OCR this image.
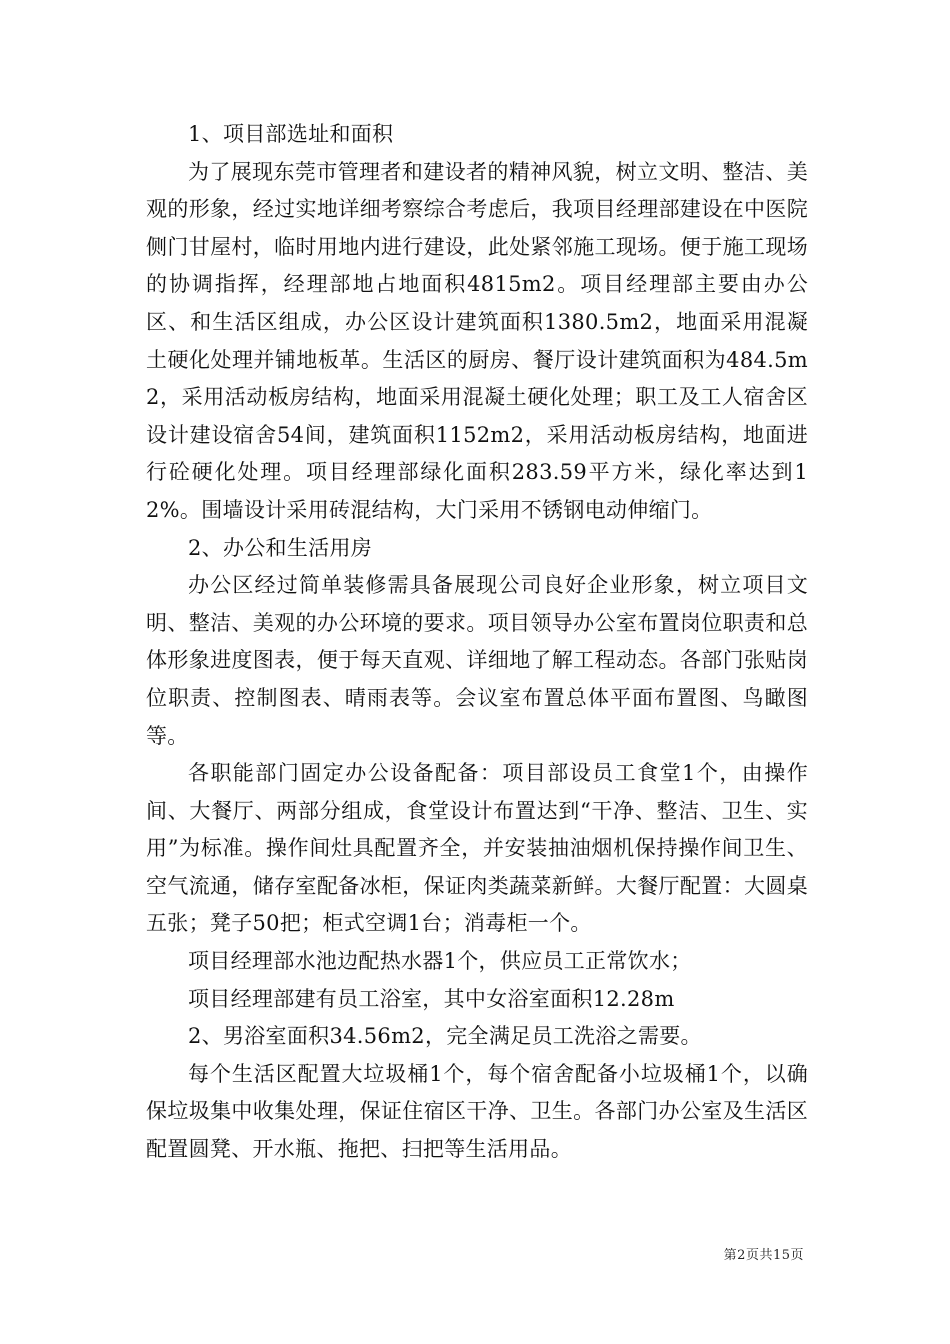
1、项目部选址和面积

为了展现东莞市管理者和建设者的精神风貌，树立文明、整洁、美观的形象，经过实地详细考察综合考虑后，我项目经理部建设在中医院侧门甘屋村，临时用地内进行建设，此处紧邻施工现场。便于施工现场的协调指挥，经理部地占地面积4815m2。项目经理部主要由办公区、和生活区组成，办公区设计建筑面积1380.5m2，地面采用混凝土硬化处理并铺地板革。生活区的厨房、餐厅设计建筑面积为484.5m2，采用活动板房结构，地面采用混凝土硬化处理；职工及工人宿舍区设计建设宿舍54间，建筑面积1152m2，采用活动板房结构，地面进行砼硬化处理。项目经理部绿化面积283.59平方米，绿化率达到12%。围墙设计采用砖混结构，大门采用不锈钢电动伸缩门。

2、办公和生活用房

办公区经过简单装修需具备展现公司良好企业形象，树立项目文明、整洁、美观的办公环境的要求。项目领导办公室布置岗位职责和总体形象进度图表，便于每天直观、详细地了解工程动态。各部门张贴岗位职责、控制图表、晴雨表等。会议室布置总体平面布置图、鸟瞰图等。

各职能部门固定办公设备配备：项目部设员工食堂1个，由操作间、大餐厅、两部分组成，食堂设计布置达到“干净、整洁、卫生、实用”为标准。操作间灶具配置齐全，并安装抽油烟机保持操作间卫生、空气流通，储存室配备冰柜，保证肉类蔬菜新鲜。大餐厅配置：大圆桌五张；凳子50把；柜式空调1台；消毒柜一个。

项目经理部水池边配热水器1个，供应员工正常饮水；

项目经理部建有员工浴室，其中女浴室面积12.28m

2、男浴室面积34.56m2，完全满足员工洗浴之需要。

每个生活区配置大垃圾桶1个，每个宿舍配备小垃圾桶1个，以确保垃圾集中收集处理，保证住宿区干净、卫生。各部门办公室及生活区配置圆凳、开水瓶、拖把、扫把等生活用品。

第2页共15页
